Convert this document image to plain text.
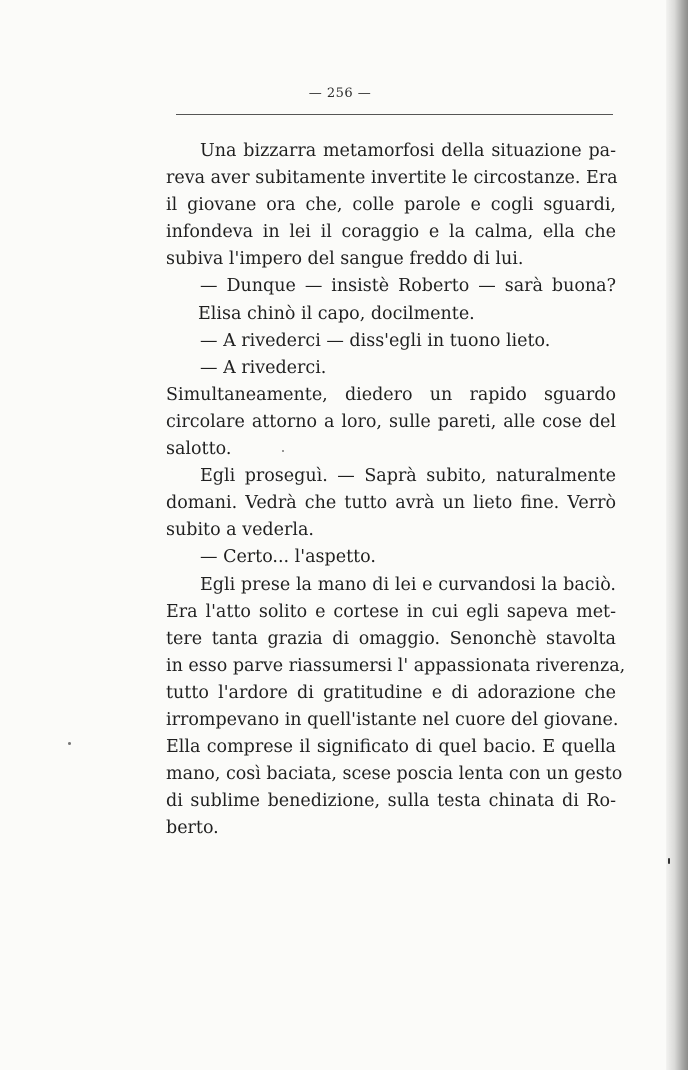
— 256 —
Una bizzarra metamorfosi della situazione pa-
reva aver subitamente invertite le circostanze. Era
il giovane ora che, colle parole e cogli sguardi,
infondeva in lei il coraggio e la calma, ella che
subiva l'impero del sangue freddo di lui.
— Dunque — insistè Roberto — sarà buona?
Elisa chinò il capo, docilmente.
— A rivederci — diss'egli in tuono lieto.
— A rivederci.
Simultaneamente, diedero un rapido sguardo
circolare attorno a loro, sulle pareti, alle cose del
salotto.
Egli proseguì. — Saprà subito, naturalmente
domani. Vedrà che tutto avrà un lieto fine. Verrò
subito a vederla.
— Certo... l'aspetto.
Egli prese la mano di lei e curvandosi la baciò.
Era l'atto solito e cortese in cui egli sapeva met-
tere tanta grazia di omaggio. Senonchè stavolta
in esso parve riassumersi l' appassionata riverenza,
tutto l'ardore di gratitudine e di adorazione che
irrompevano in quell'istante nel cuore del giovane.
Ella comprese il significato di quel bacio. E quella
mano, così baciata, scese poscia lenta con un gesto
di sublime benedizione, sulla testa chinata di Ro-
berto.
